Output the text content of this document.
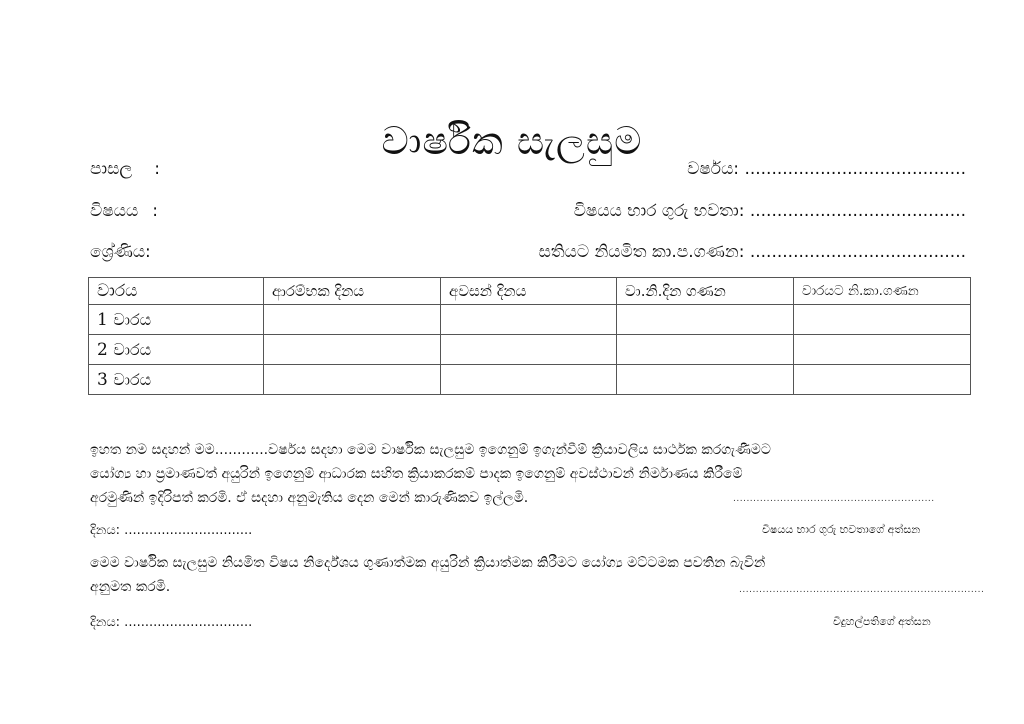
වාර්ෂික සැලසුම
පාසල :
විෂයය :
ශ්‍රේණිය:
වර්ෂය: .........................................
විෂයය භාර ගුරු භවතා: ........................................
සතියට නියමිත කා.ප.ගණන: ........................................
වාරය	ආරම්භක දිනය	අවසන් දිනය	වා.නි.දින ගණන	වාරයට නි.කා.ගණන
1 වාරය				
2 වාරය				
3 වාරය				

ඉහත නම සදහන් මම............වර්ෂය සදහා මෙම වාර්ෂික සැලසුම ඉගෙනුම් ඉගැන්වීම් ක්‍රියාවලිය සාර්ථක කරගැණීමට

යෝග්‍ය හා ප්‍රමාණවත් අයුරින් ඉගෙනුම් ආධාරක සහිත ක්‍රියාකරකම් පාදක ඉගෙනුම් අවස්ථාවන් නිර්මාණය කිරීමේ

අරමුණින් ඉදිරිපත් කරමි. ඒ සදහා අනුමැතිය දෙන මෙන් කාරුණිකව ඉල්ලමි.	............................................................
දිනය: ...............................	විෂයය භාර ගුරු භවතාගේ අත්සන

මෙම වාර්ෂික සැලසුම නියමිත විෂය නිර්දේශය ගුණාත්මක අයුරින් ක්‍රියාත්මක කිරීමට යෝග්‍ය මට්ටමක පවතින බැවින්

අනුමත කරමි.	.........................................................................
දිනය: ...............................	විදුහල්පතිගේ අත්සන
